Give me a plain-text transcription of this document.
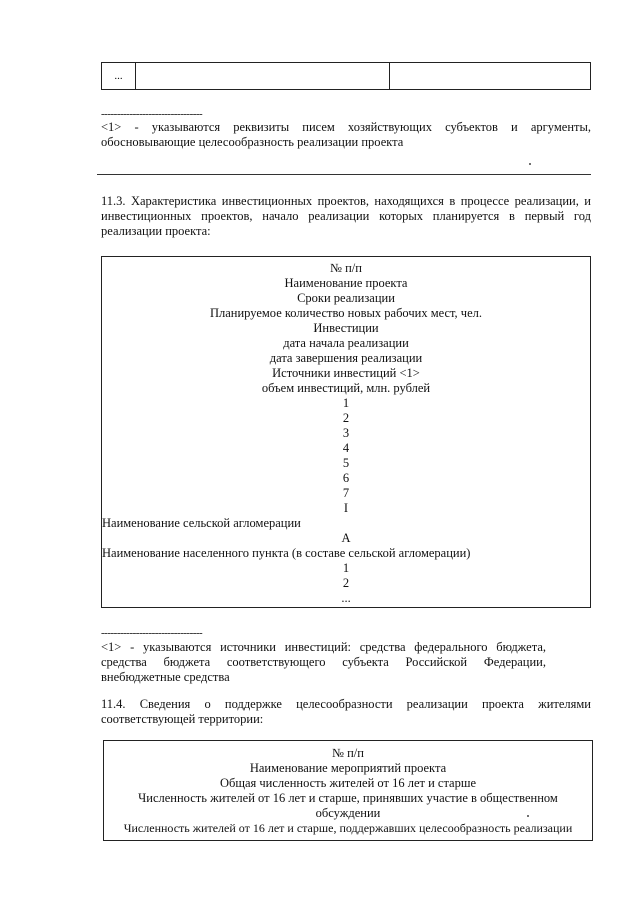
...
--------------------------------
<1> - указываются реквизиты писем хозяйствующих субъектов и аргументы, обосновывающие целесообразность реализации проекта
11.3. Характеристика инвестиционных проектов, находящихся в процессе реализации, и инвестиционных проектов, начало реализации которых планируется в первый год реализации проекта:
№ п/п
Наименование проекта
Сроки реализации
Планируемое количество новых рабочих мест, чел.
Инвестиции
дата начала реализации
дата завершения реализации
Источники инвестиций <1>
объем инвестиций, млн. рублей
1
2
3
4
5
6
7
I
Наименование сельской агломерации
А
Наименование населенного пункта (в составе сельской агломерации)
1
2
...
--------------------------------
<1> - указываются источники инвестиций: средства федерального бюджета, средства бюджета соответствующего субъекта Российской Федерации, внебюджетные средства
11.4. Сведения о поддержке целесообразности реализации проекта жителями соответствующей территории:
№ п/п
Наименование мероприятий проекта
Общая численность жителей от 16 лет и старше
Численность жителей от 16 лет и старше, принявших участие в общественном
обсуждении
Численность жителей от 16 лет и старше, поддержавших целесообразность реализации
